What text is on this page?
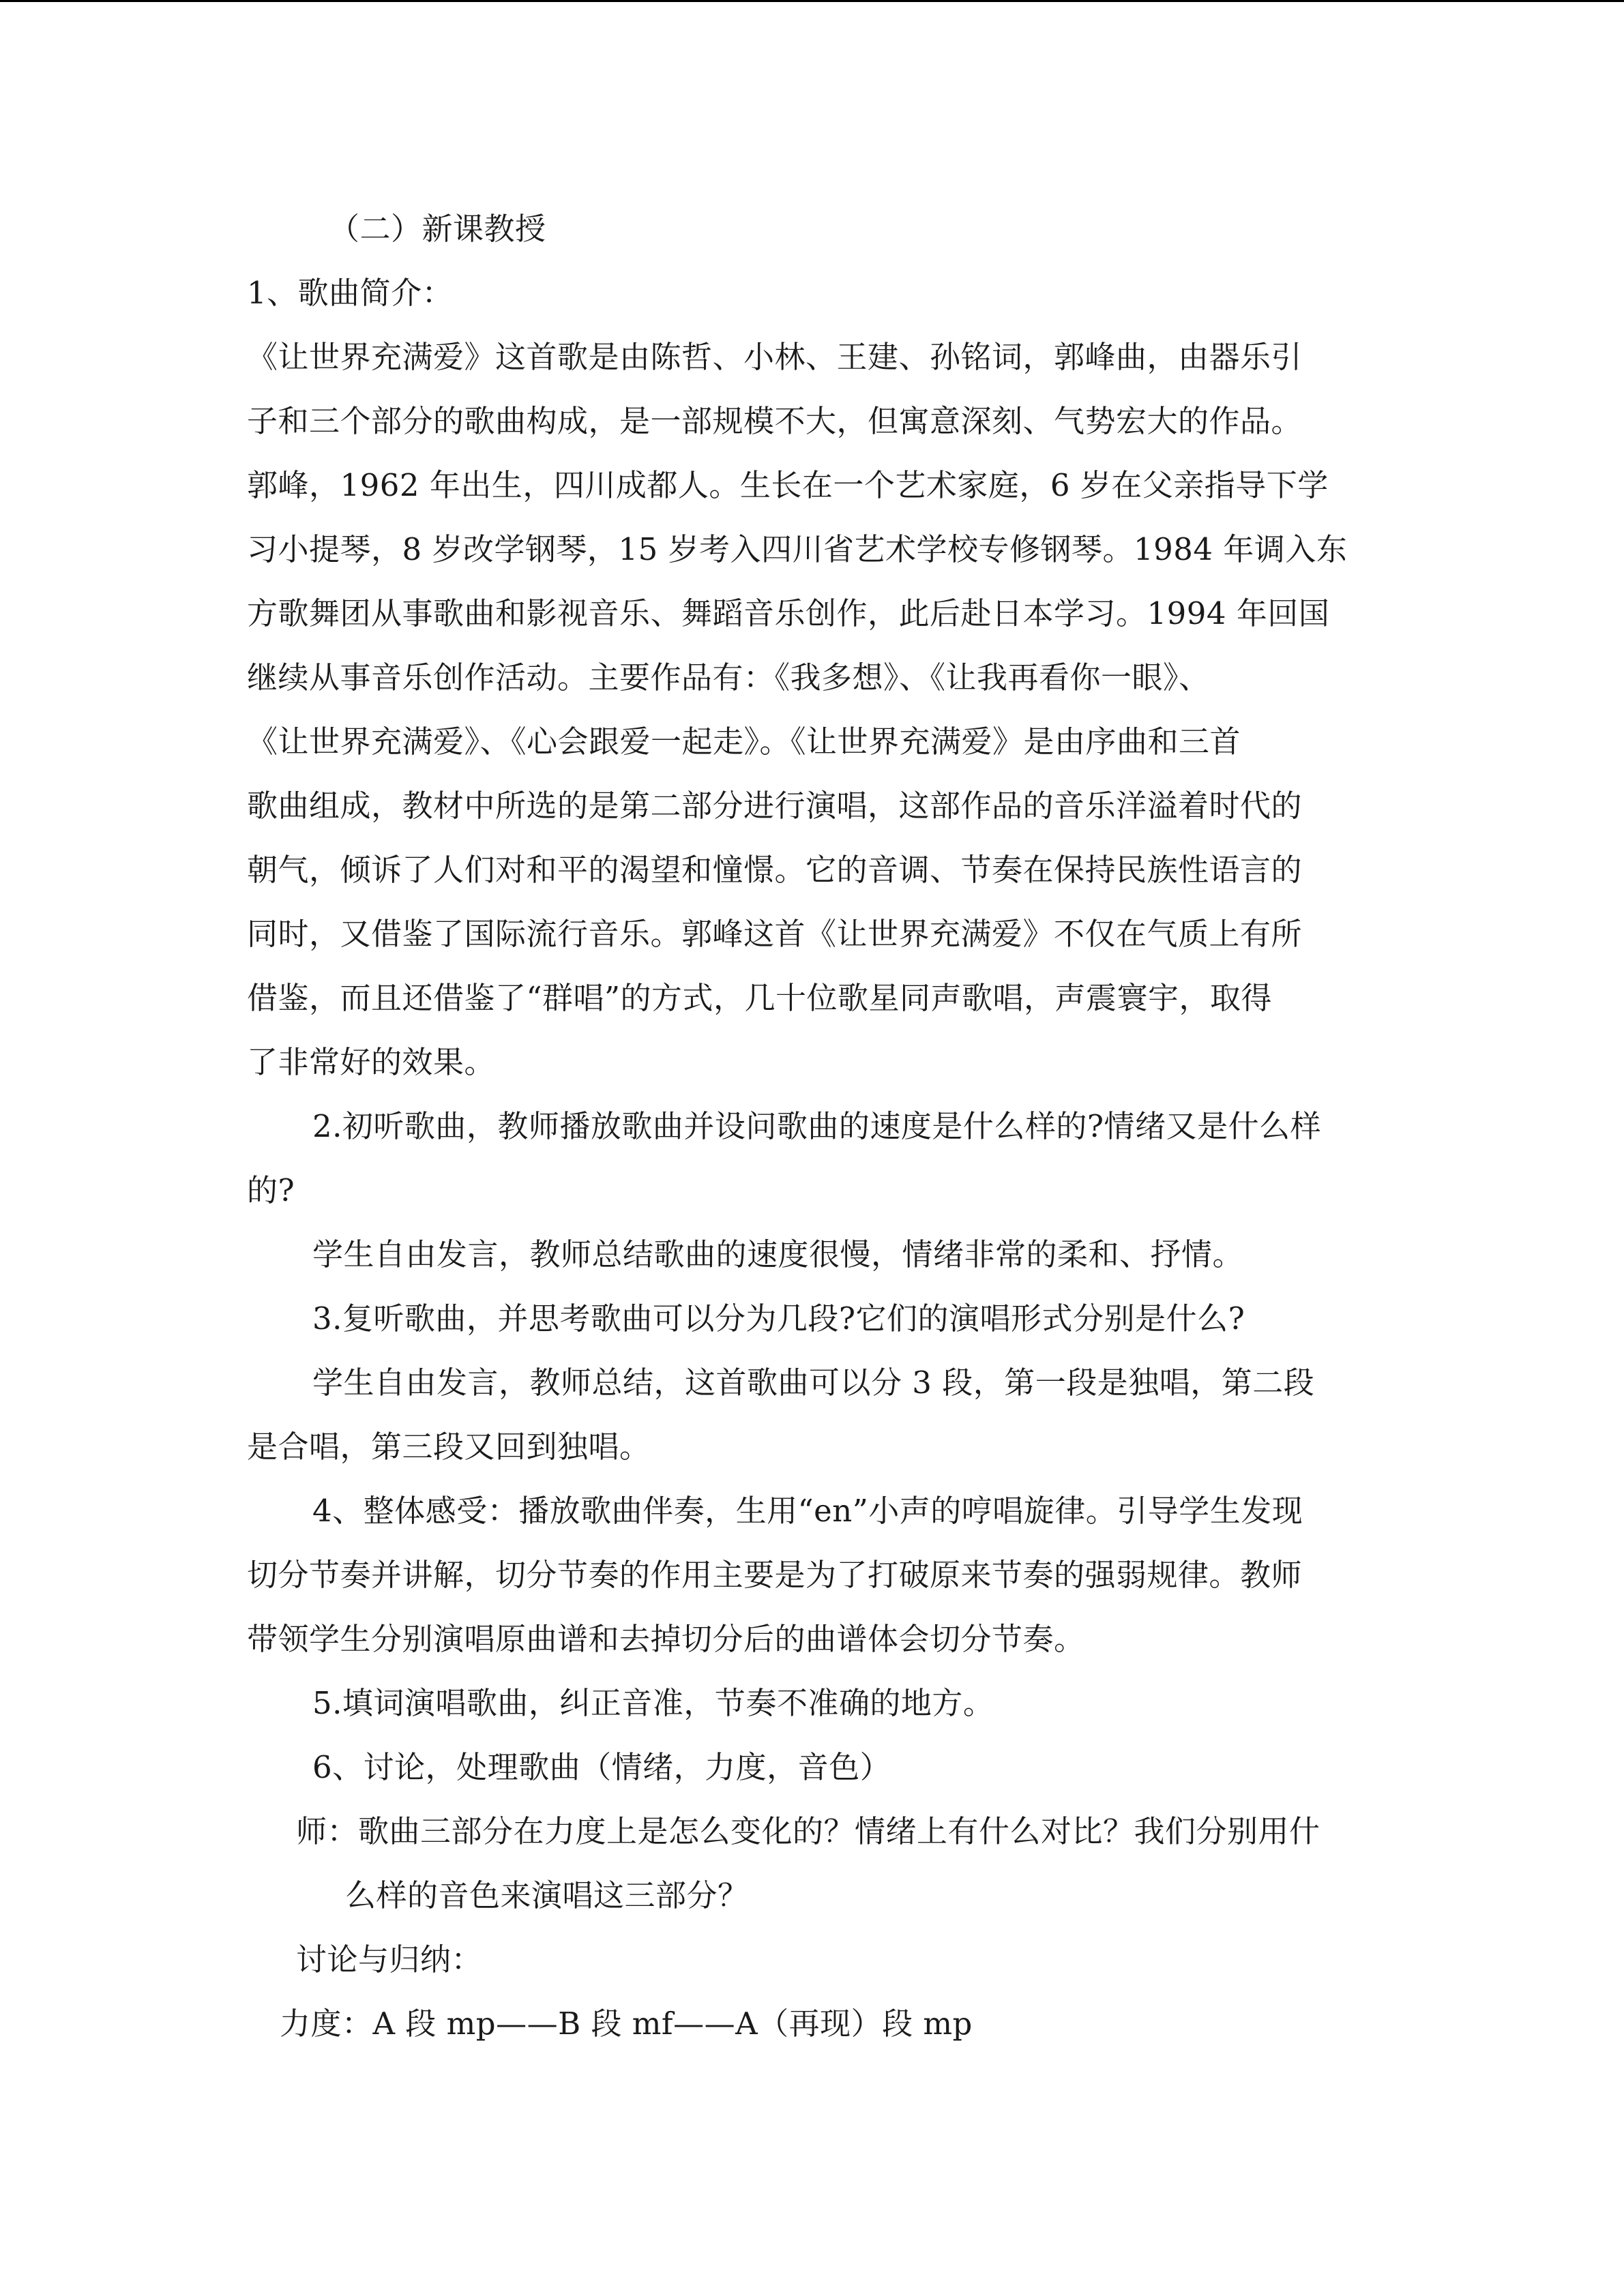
（二）新课教授
1、歌曲简介：
《让世界充满爱》这首歌是由陈哲、小林、王建、孙铭词，郭峰曲，由器乐引
子和三个部分的歌曲构成，是一部规模不大，但寓意深刻、气势宏大的作品。
郭峰，1962 年出生，四川成都人。生长在一个艺术家庭，6 岁在父亲指导下学
习小提琴，8 岁改学钢琴，15 岁考入四川省艺术学校专修钢琴。1984 年调入东
方歌舞团从事歌曲和影视音乐、舞蹈音乐创作，此后赴日本学习。1994 年回国
继续从事音乐创作活动。主要作品有：《我多想》、《让我再看你一眼》、
《让世界充满爱》、《心会跟爱一起走》。《让世界充满爱》是由序曲和三首
歌曲组成，教材中所选的是第二部分进行演唱，这部作品的音乐洋溢着时代的
朝气，倾诉了人们对和平的渴望和憧憬。它的音调、节奏在保持民族性语言的
同时，又借鉴了国际流行音乐。郭峰这首《让世界充满爱》不仅在气质上有所
借鉴，而且还借鉴了“群唱”的方式，几十位歌星同声歌唱，声震寰宇，取得
了非常好的效果。
2.初听歌曲，教师播放歌曲并设问歌曲的速度是什么样的?情绪又是什么样
的?
学生自由发言，教师总结歌曲的速度很慢，情绪非常的柔和、抒情。
3.复听歌曲，并思考歌曲可以分为几段?它们的演唱形式分别是什么?
学生自由发言，教师总结，这首歌曲可以分 3 段，第一段是独唱，第二段
是合唱，第三段又回到独唱。
4、整体感受：播放歌曲伴奏，生用“en”小声的哼唱旋律。引导学生发现
切分节奏并讲解，切分节奏的作用主要是为了打破原来节奏的强弱规律。教师
带领学生分别演唱原曲谱和去掉切分后的曲谱体会切分节奏。
5.填词演唱歌曲，纠正音准，节奏不准确的地方。
6、讨论，处理歌曲（情绪，力度，音色）
师：歌曲三部分在力度上是怎么变化的？情绪上有什么对比？我们分别用什
么样的音色来演唱这三部分？
讨论与归纳：
力度：A 段 mp——B 段 mf——A（再现）段 mp
